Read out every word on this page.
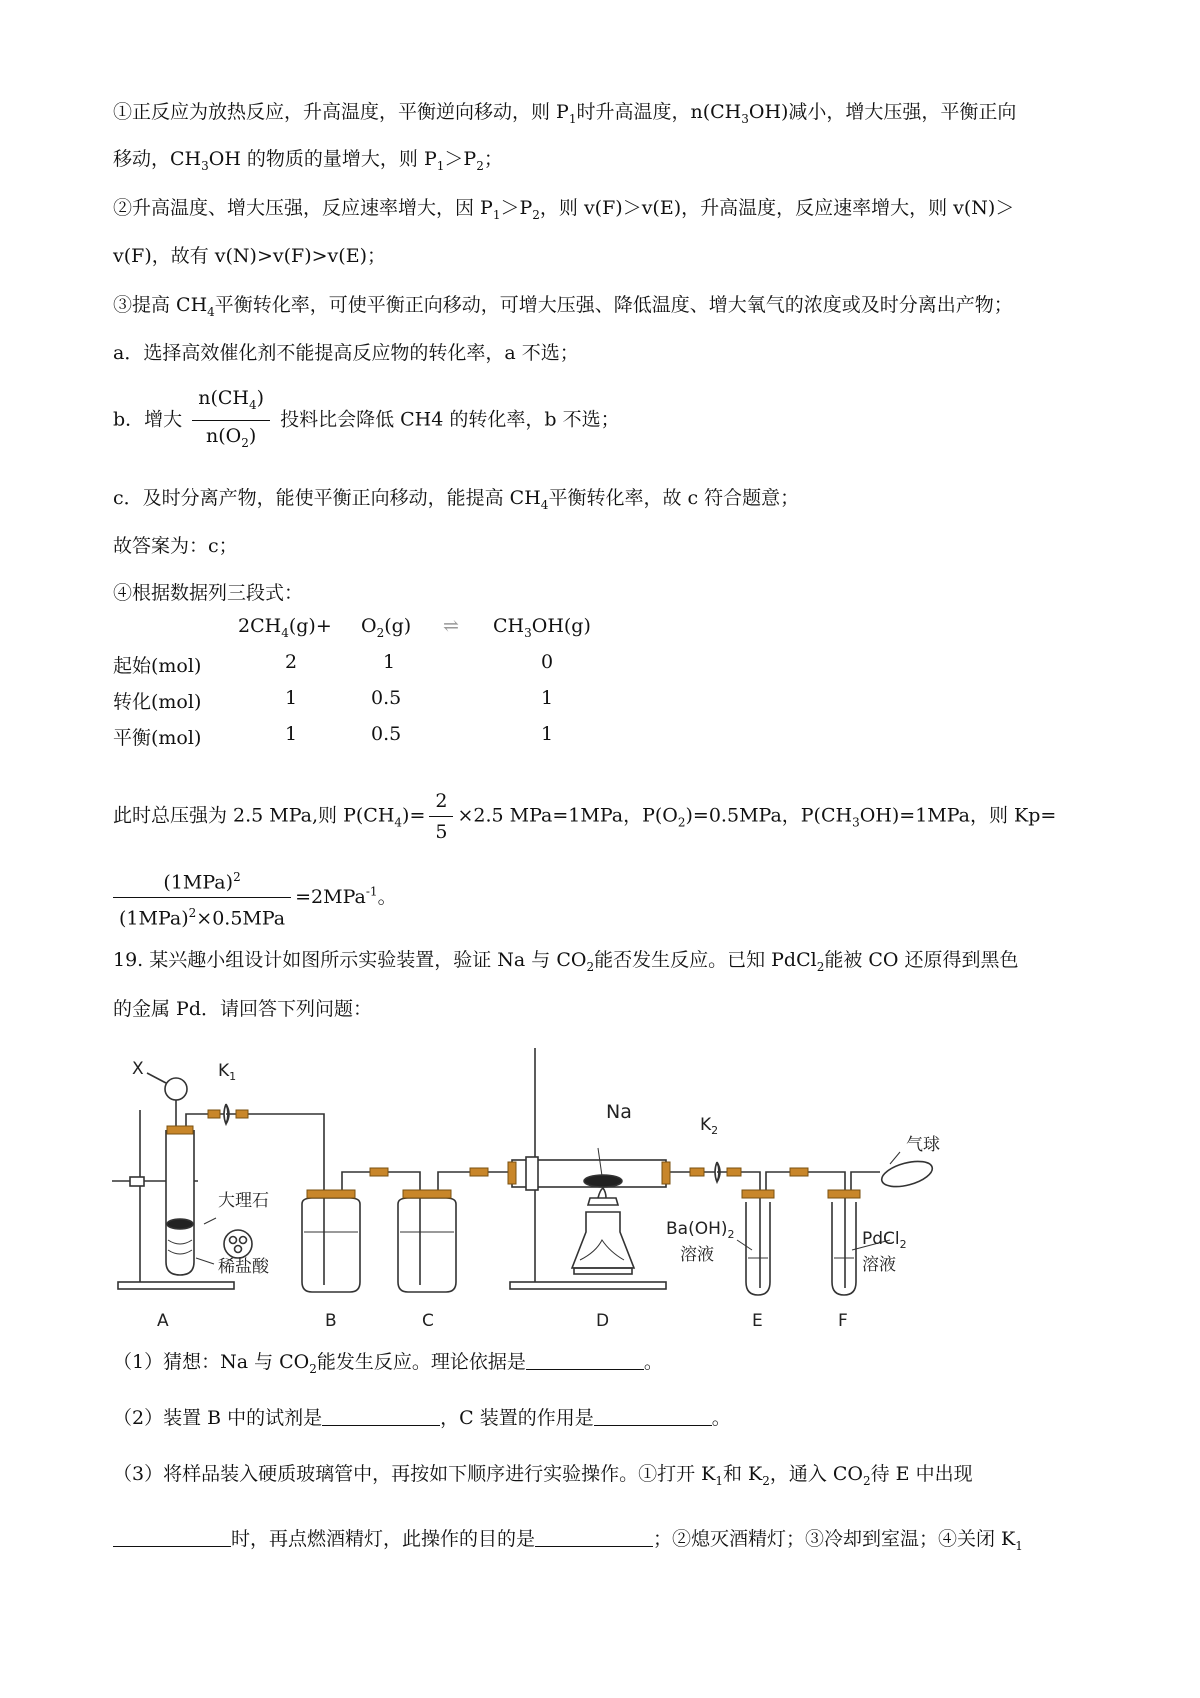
①正反应为放热反应，升高温度，平衡逆向移动，则 $P_1$时升高温度，$n(CH_3OH)$减小，增大压强，平衡正向
移动，$CH_3OH$ 的物质的量增大，则 $P_1>P_2$；
②升高温度、增大压强，反应速率增大，因 $P_1>P_2$，则 v(F)＞v(E)，升高温度，反应速率增大，则 v(N)＞
v(F)，故有 v(N)>v(F)>v(E)；
③提高 $CH_4$平衡转化率，可使平衡正向移动，可增大压强、降低温度、增大氧气的浓度或及时分离出产物；
a．选择高效催化剂不能提高反应物的转化率，a 不选；
b．增大 $\frac{n(CH_4)}{n(O_2)}$ 投料比会降低 CH4 的转化率，b 不选；
c．及时分离产物，能使平衡正向移动，能提高 $CH_4$平衡转化率，故 c 符合题意；
故答案为：c；
④根据数据列三段式：
$2CH_4(g)+ O_2(g)$ ⇌ $CH_3OH(g)$
起始(mol)	2	1	0
转化(mol)	1	0.5	1
平衡(mol)	1	0.5	1
此时总压强为 2.5 MPa,则 $P(CH_4)= \frac{2}{5} \times 2.5$ MPa=1MPa，$P(O_2)=0.5MPa$，$P(CH_3OH)=1MPa$，则 Kp=
$\frac{(1MPa)^2}{(1MPa)^2\times 0.5MPa} =2MPa^{-1}$。
19. 某兴趣小组设计如图所示实验装置，验证 Na 与 $CO_2$能否发生反应。已知 PdCl$_2$能被 CO 还原得到黑色
的金属 Pd．请回答下列问题：
X	$K_1$
Na
$K_2$
气球
大理石
稀盐酸
$Ba(OH)_2$
溶液
PdCl$_2$
溶液
A	B	C	D	E	F
（1）猜想：Na 与 $CO_2$能发生反应。理论依据是	。
（2）装置 B 中的试剂是	，C 装置的作用是	。
（3）将样品装入硬质玻璃管中，再按如下顺序进行实验操作。①打开 $K_1$和 $K_2$，通入 $CO_2$待 E 中出现
时，再点燃酒精灯，此操作的目的是	；②熄灭酒精灯；③冷却到室温；④关闭 $K_1$
